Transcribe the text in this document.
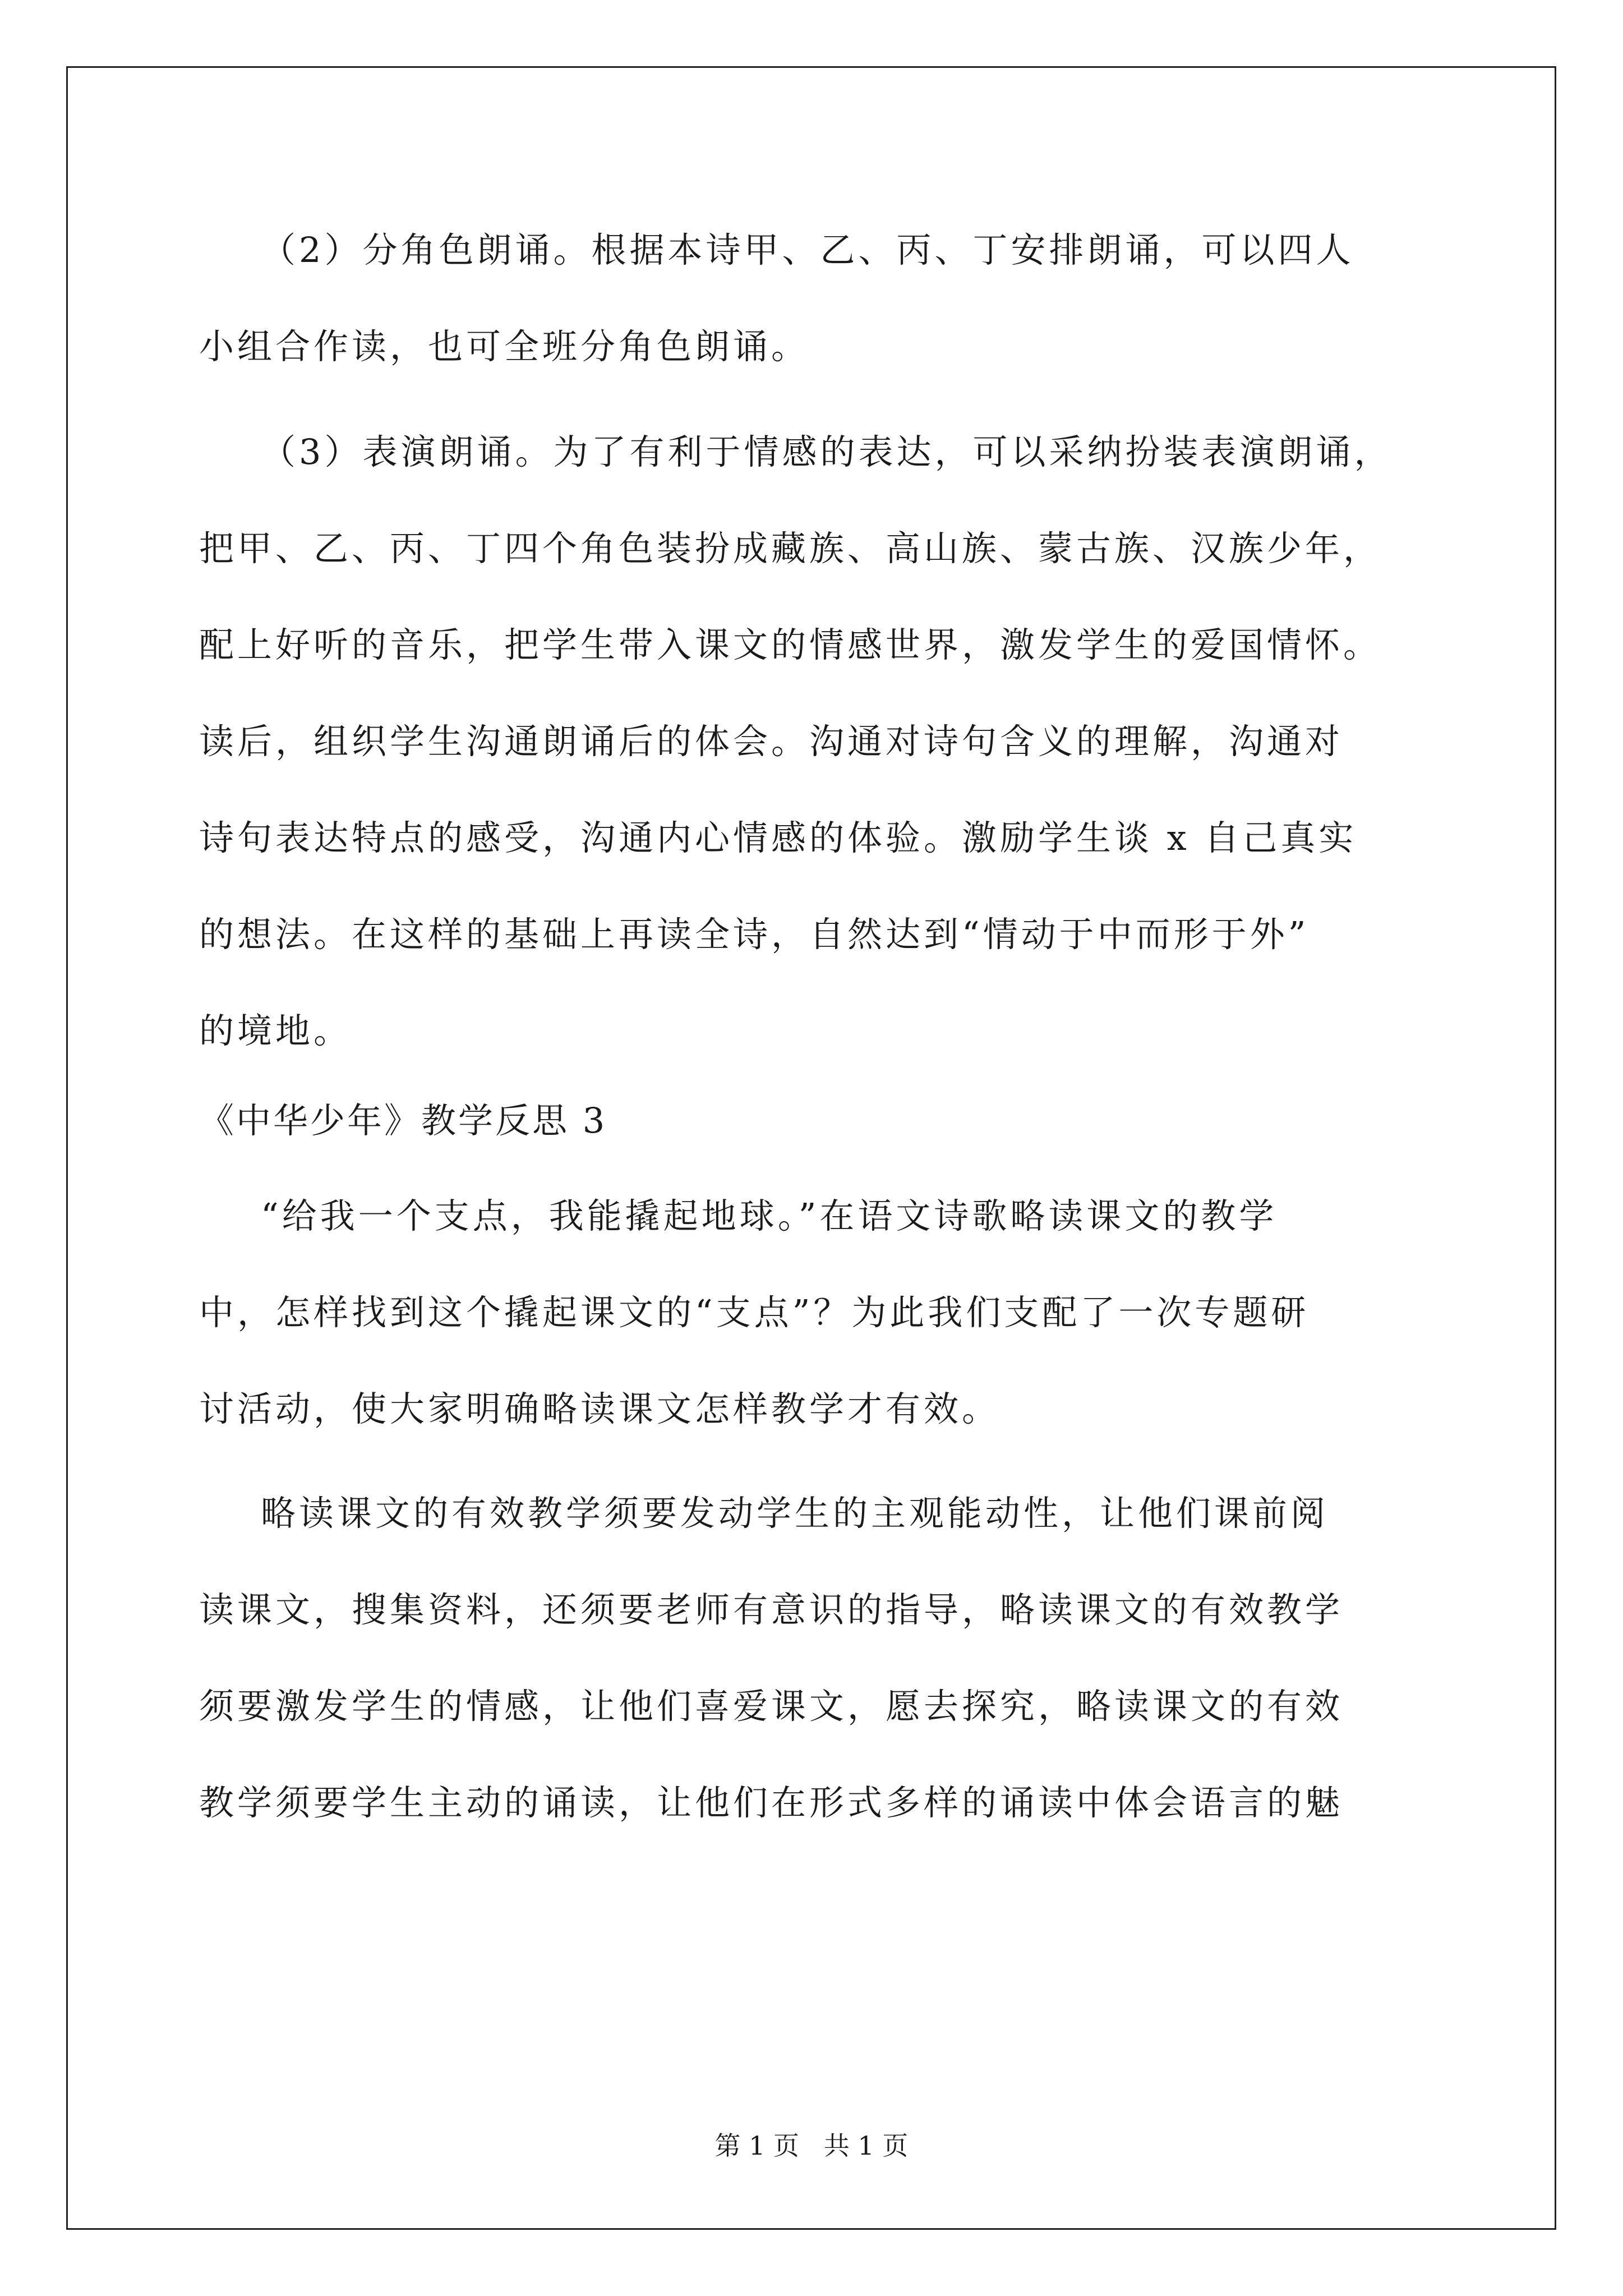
（2）分角色朗诵。根据本诗甲、乙、丙、丁安排朗诵，可以四人
小组合作读，也可全班分角色朗诵。
（3）表演朗诵。为了有利于情感的表达，可以采纳扮装表演朗诵，
把甲、乙、丙、丁四个角色装扮成藏族、高山族、蒙古族、汉族少年，
配上好听的音乐，把学生带入课文的情感世界，激发学生的爱国情怀。
读后，组织学生沟通朗诵后的体会。沟通对诗句含义的理解，沟通对
诗句表达特点的感受，沟通内心情感的体验。激励学生谈 x 自己真实
的想法。在这样的基础上再读全诗，自然达到“情动于中而形于外”
的境地。
《中华少年》教学反思 3
“给我一个支点，我能撬起地球。”在语文诗歌略读课文的教学
中，怎样找到这个撬起课文的“支点”？为此我们支配了一次专题研
讨活动，使大家明确略读课文怎样教学才有效。
略读课文的有效教学须要发动学生的主观能动性，让他们课前阅
读课文，搜集资料，还须要老师有意识的指导，略读课文的有效教学
须要激发学生的情感，让他们喜爱课文，愿去探究，略读课文的有效
教学须要学生主动的诵读，让他们在形式多样的诵读中体会语言的魅
第 1 页   共 1 页
